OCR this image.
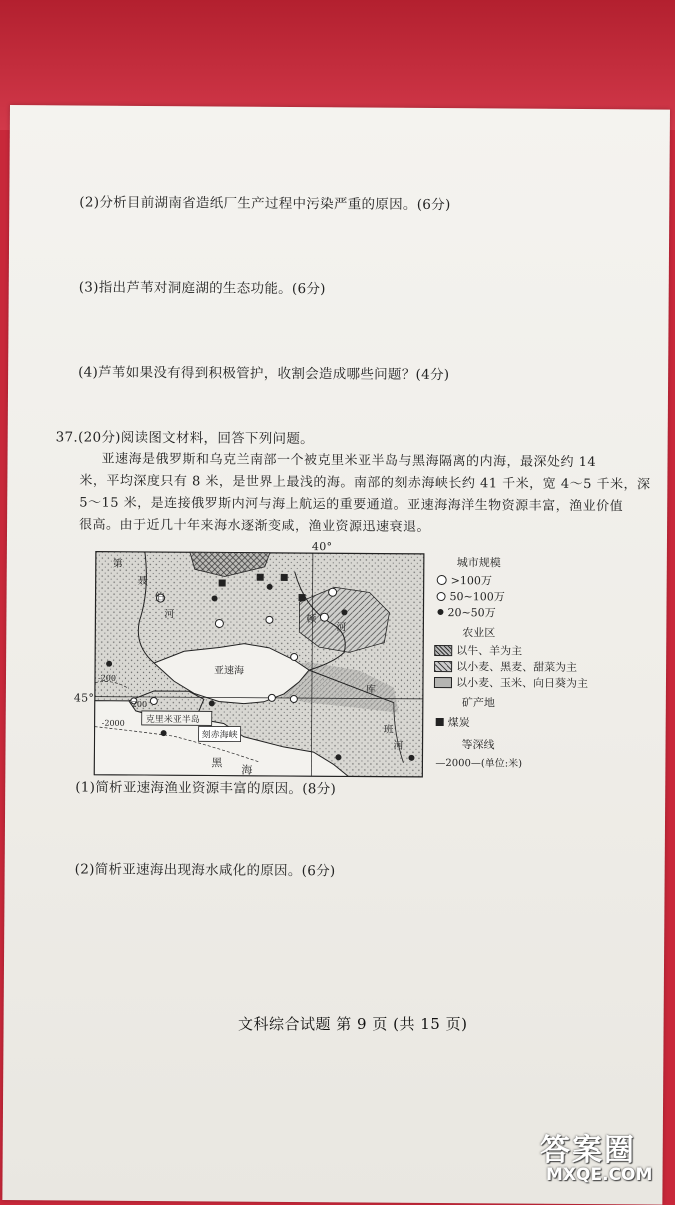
(2)分析目前湖南省造纸厂生产过程中污染严重的原因。(6分)
(3)指出芦苇对洞庭湖的生态功能。(6分)
(4)芦苇如果没有得到积极管护，收割会造成哪些问题？(4分)
37.(20分)阅读图文材料，回答下列问题。
亚速海是俄罗斯和乌克兰南部一个被克里米亚半岛与黑海隔离的内海，最深处约 14
米，平均深度只有 8 米，是世界上最浅的海。南部的刻赤海峡长约 41 千米，宽 4～5 千米，深
5～15 米，是连接俄罗斯内河与海上航运的重要通道。亚速海海洋生物资源丰富，渔业价值
很高。由于近几十年来海水逐渐变咸，渔业资源迅速衰退。
第
聂
伯
河	顿
河
亚速海
克里米亚半岛
刻赤海峡
黑
海
库
班
河
-200
-2000
200
40°
45°
城市规模
>100万
50~100万
20~50万
农业区
以牛、羊为主
以小麦、黑麦、甜菜为主
以小麦、玉米、向日葵为主
矿产地
煤炭
等深线
—2000—(单位:米)
(1)简析亚速海渔业资源丰富的原因。(8分)
(2)简析亚速海出现海水咸化的原因。(6分)
文科综合试题 第 9 页 (共 15 页)
答案圈
MXQE.COM
